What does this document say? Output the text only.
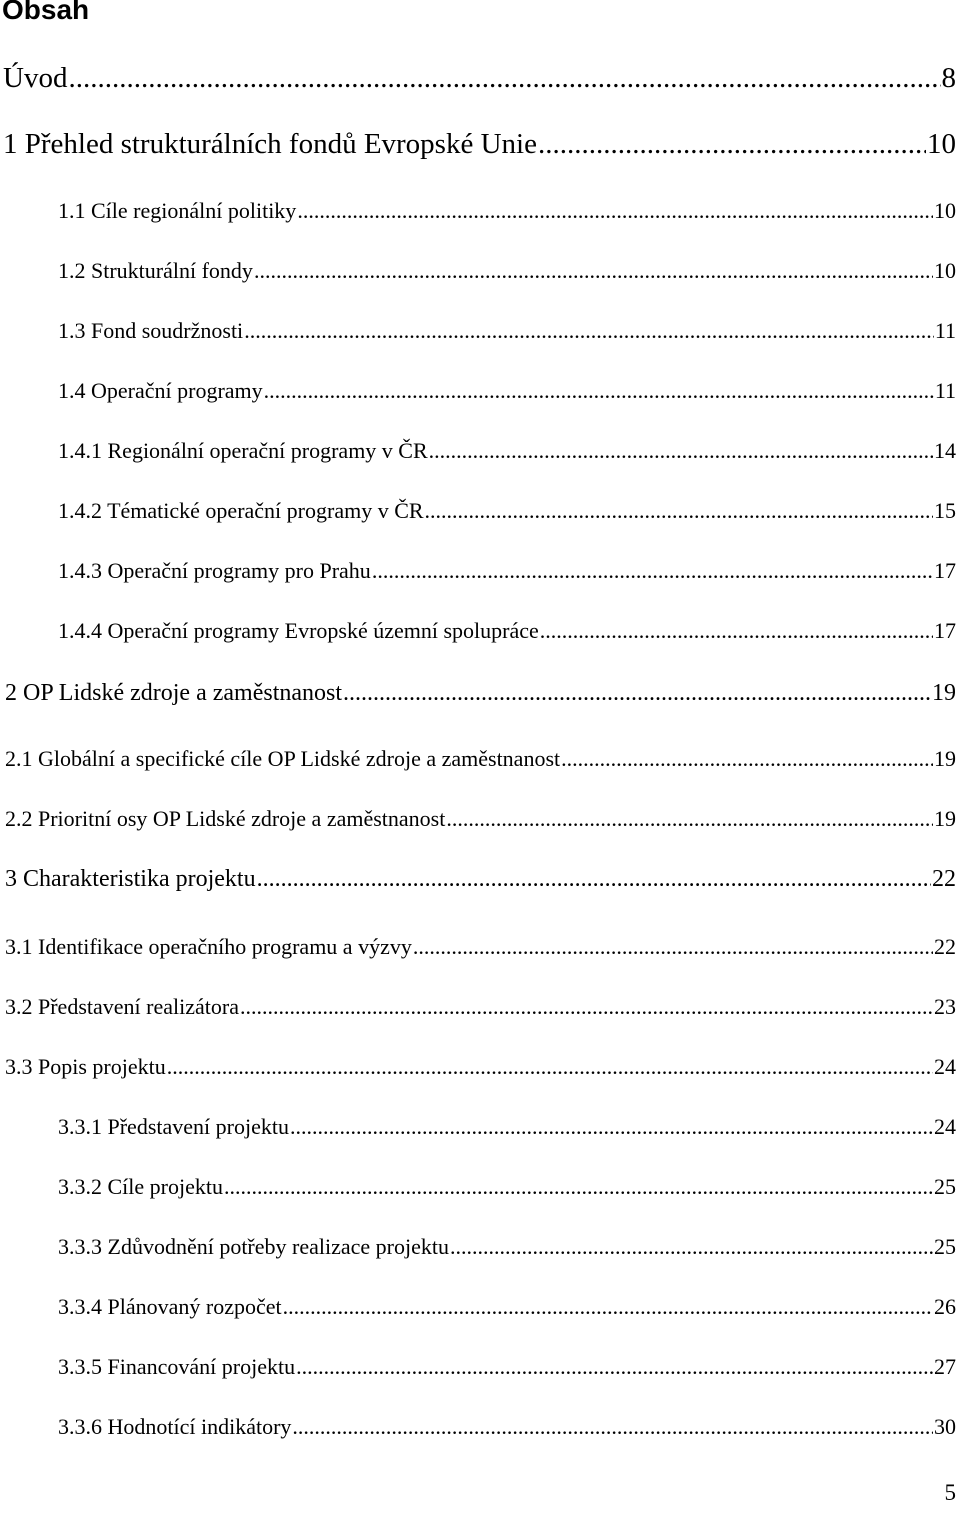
Obsah
Úvod .....	8
1 Přehled strukturálních fondů Evropské Unie .....	10
1.1 Cíle regionální politiky .....	10
1.2 Strukturální fondy .....	10
1.3 Fond soudržnosti .....	11
1.4 Operační programy .....	11
1.4.1 Regionální operační programy v ČR .....	14
1.4.2 Tématické operační programy v ČR .....	15
1.4.3 Operační programy pro Prahu .....	17
1.4.4 Operační programy Evropské územní spolupráce .....	17
2 OP Lidské zdroje a zaměstnanost .....	19
2.1 Globální a specifické cíle OP Lidské zdroje a zaměstnanost .....	19
2.2 Prioritní osy OP Lidské zdroje a zaměstnanost .....	19
3 Charakteristika projektu .....	22
3.1 Identifikace operačního programu a výzvy .....	22
3.2 Představení realizátora .....	23
3.3 Popis projektu .....	24
3.3.1 Představení projektu .....	24
3.3.2 Cíle projektu .....	25
3.3.3 Zdůvodnění potřeby realizace projektu .....	25
3.3.4 Plánovaný rozpočet .....	26
3.3.5 Financování projektu .....	27
3.3.6 Hodnotící indikátory .....	30
5
